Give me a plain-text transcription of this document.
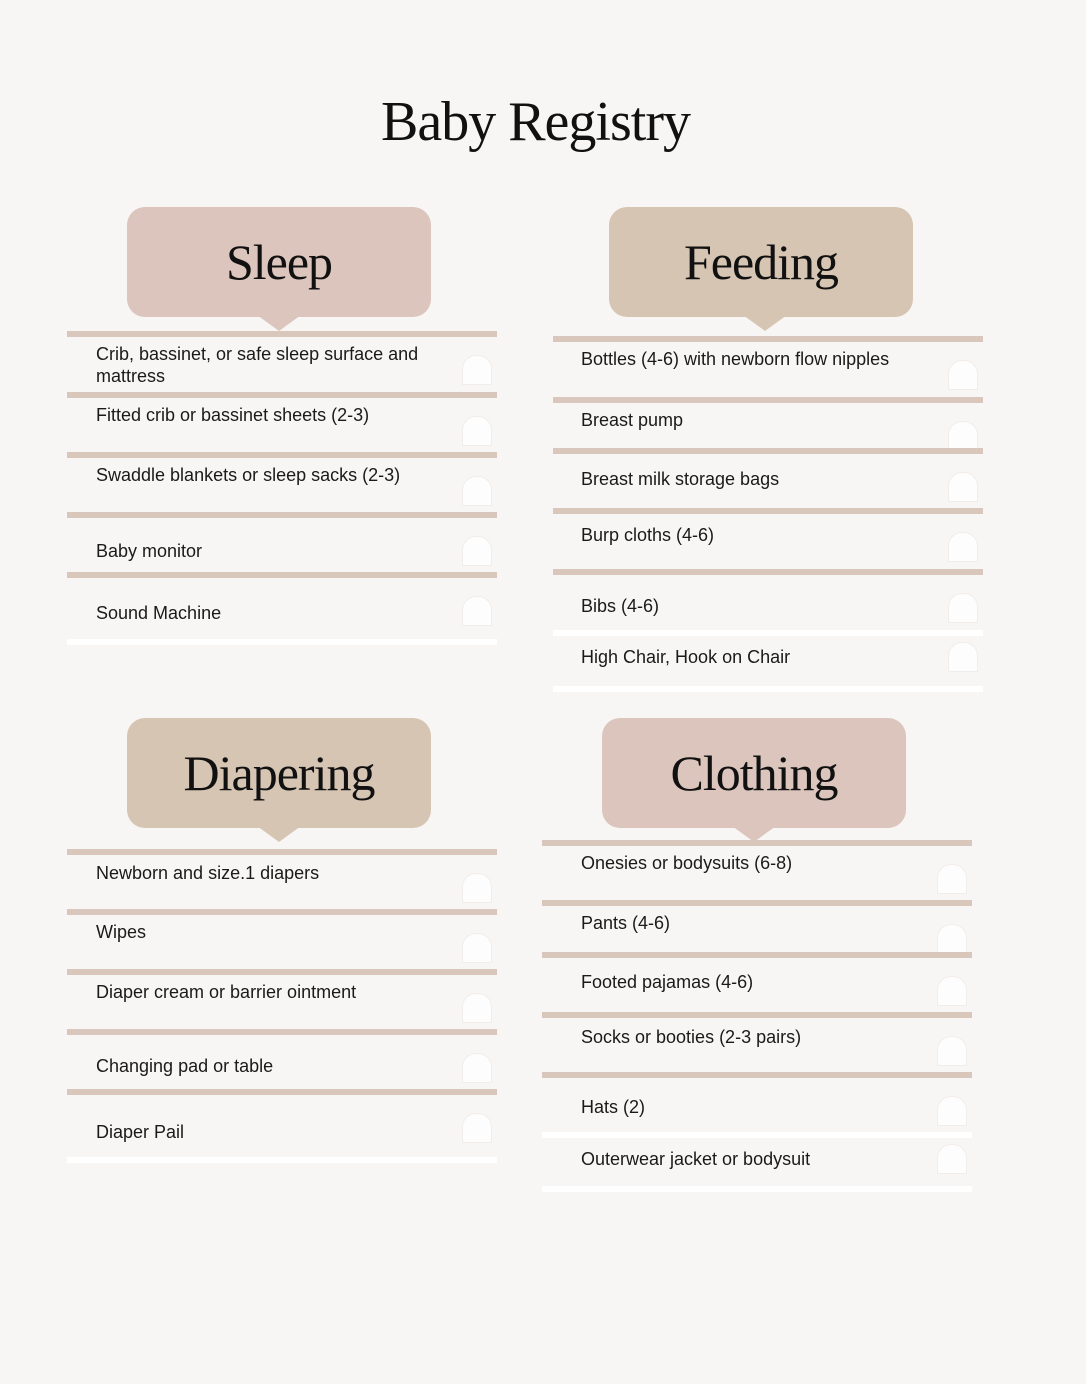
Baby Registry
Sleep
Crib, bassinet, or safe sleep surface and mattress
Fitted crib or bassinet sheets (2-3)
Swaddle blankets or sleep sacks (2-3)
Baby monitor
Sound Machine
Feeding
Bottles (4-6) with newborn flow nipples
Breast pump
Breast milk storage bags
Burp cloths (4-6)
Bibs (4-6)
High Chair, Hook on Chair
Diapering
Newborn and size.1 diapers
Wipes
Diaper cream or barrier ointment
Changing pad or table
Diaper Pail
Clothing
Onesies or bodysuits (6-8)
Pants (4-6)
Footed pajamas (4-6)
Socks or booties (2-3 pairs)
Hats (2)
Outerwear jacket or bodysuit
